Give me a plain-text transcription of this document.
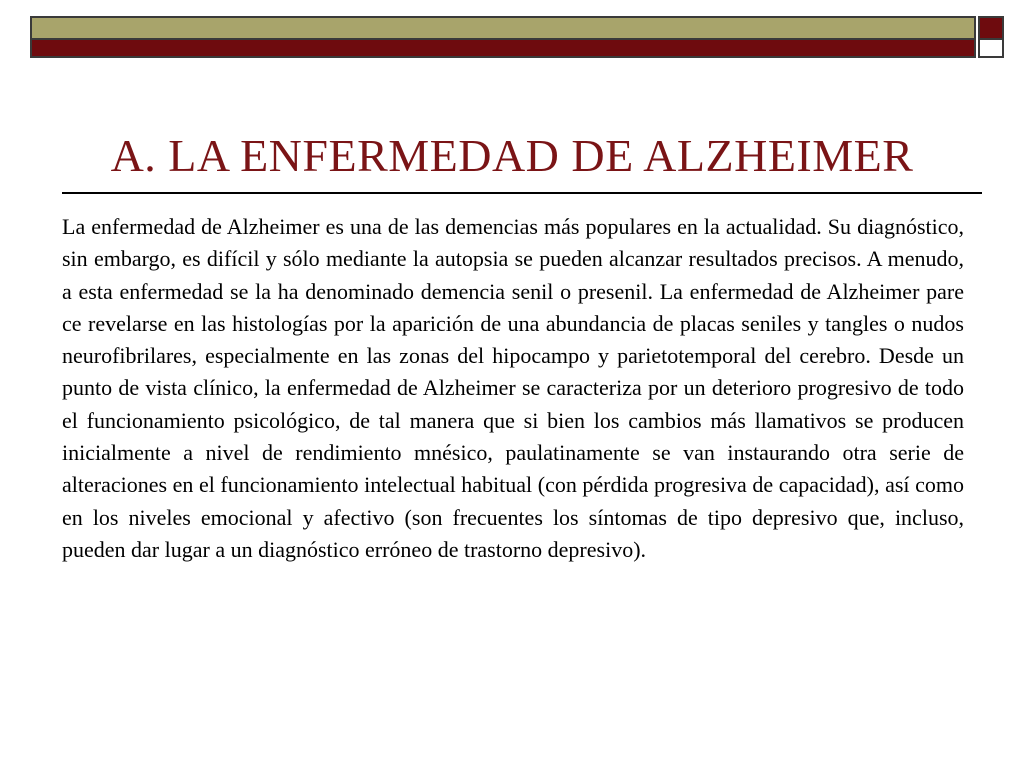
A. LA ENFERMEDAD DE ALZHEIMER

La enfermedad de Alzheimer es una de las demencias más populares en la actualidad. Su diagnóstico, sin embargo, es difícil y sólo mediante la autopsia se pueden alcanzar resultados precisos. A menudo, a esta enfermedad se la ha denominado demencia senil o presenil. La enfermedad de Alzheimer pare ce revelarse en las histologías por la aparición de una abundancia de placas seniles y tangles o nudos neurofibrilares, especialmente en las zonas del hipocampo y parietotemporal del cerebro. Desde un punto de vista clínico, la enfermedad de Alzheimer se caracteriza por un deterioro progresivo de todo el funcionamiento psicológico, de tal manera que si bien los cambios más llamativos se producen inicialmente a nivel de rendimiento mnésico, paulatinamente se van instaurando otra serie de alteraciones en el funcionamiento intelectual habitual (con pérdida progresiva de capacidad), así como en los niveles emocional y afectivo (son frecuentes los síntomas de tipo depresivo que, incluso, pueden dar lugar a un diagnóstico erróneo de trastorno depresivo).
